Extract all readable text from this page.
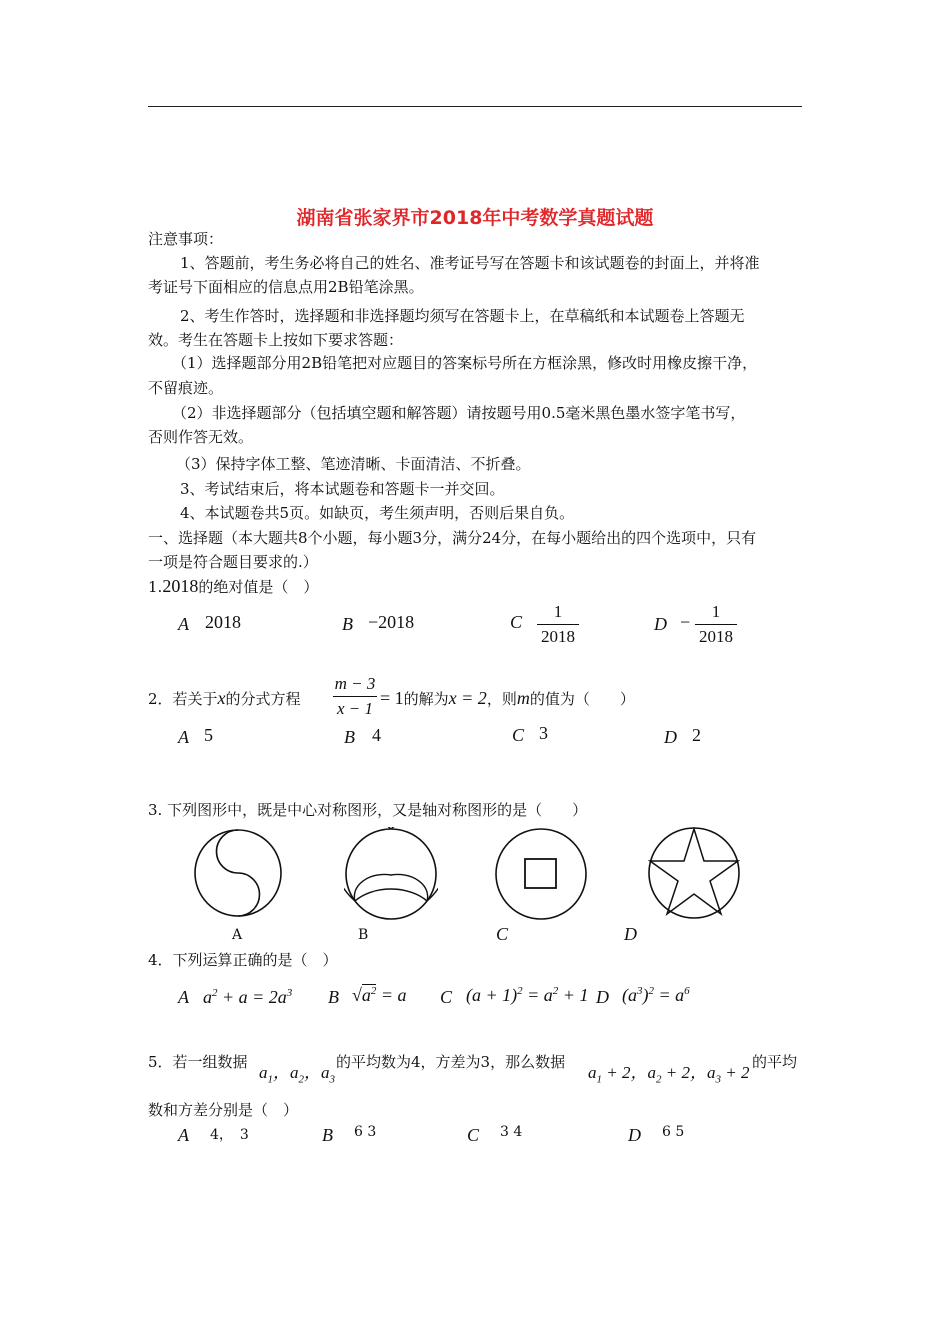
湖南省张家界市2018年中考数学真题试题
注意事项：
1、答题前，考生务必将自己的姓名、准考证号写在答题卡和该试题卷的封面上，并将准
考证号下面相应的信息点用2B铅笔涂黑。
2、考生作答时，选择题和非选择题均须写在答题卡上，在草稿纸和本试题卷上答题无
效。考生在答题卡上按如下要求答题：
（1）选择题部分用2B铅笔把对应题目的答案标号所在方框涂黑，修改时用橡皮擦干净，
不留痕迹。
（2）非选择题部分（包括填空题和解答题）请按题号用0.5毫米黑色墨水签字笔书写，
否则作答无效。
（3）保持字体工整、笔迹清晰、卡面清洁、不折叠。
3、考试结束后，将本试题卷和答题卡一并交回。
4、本试题卷共5页。如缺页，考生须声明，否则后果自负。
一、选择题（本大题共8个小题，每小题3分，满分24分，在每小题给出的四个选项中，只有
一项是符合题目要求的.）
1.2018的绝对值是（　）
A 2018	B −2018	C
1
2018
D −
1
2018
2．若关于x的分式方程
m − 3
x − 1
= 1的解为x = 2，则m的值为（　　）
A 5	B 4	C 3	D 2
3. 下列图形中，既是中心对称图形，又是轴对称图形的是（　　）
A	B	C	D
4．下列运算正确的是（　）
A $a^2 + a = 2a^3$ B $√a^2 = a$ C $(a + 1)^2 = a^2 + 1$ D $(a^3)^2 = a^6$
5．若一组数据
$a_1$，$a_2$，$a_3$
的平均数为4，方差为3，那么数据
$a_1 + 2$，$a_2 + 2$，$a_3 + 2$
的平均
数和方差分别是（　）
A 4，　3	B 6 3	C 3 4	D 6 5
